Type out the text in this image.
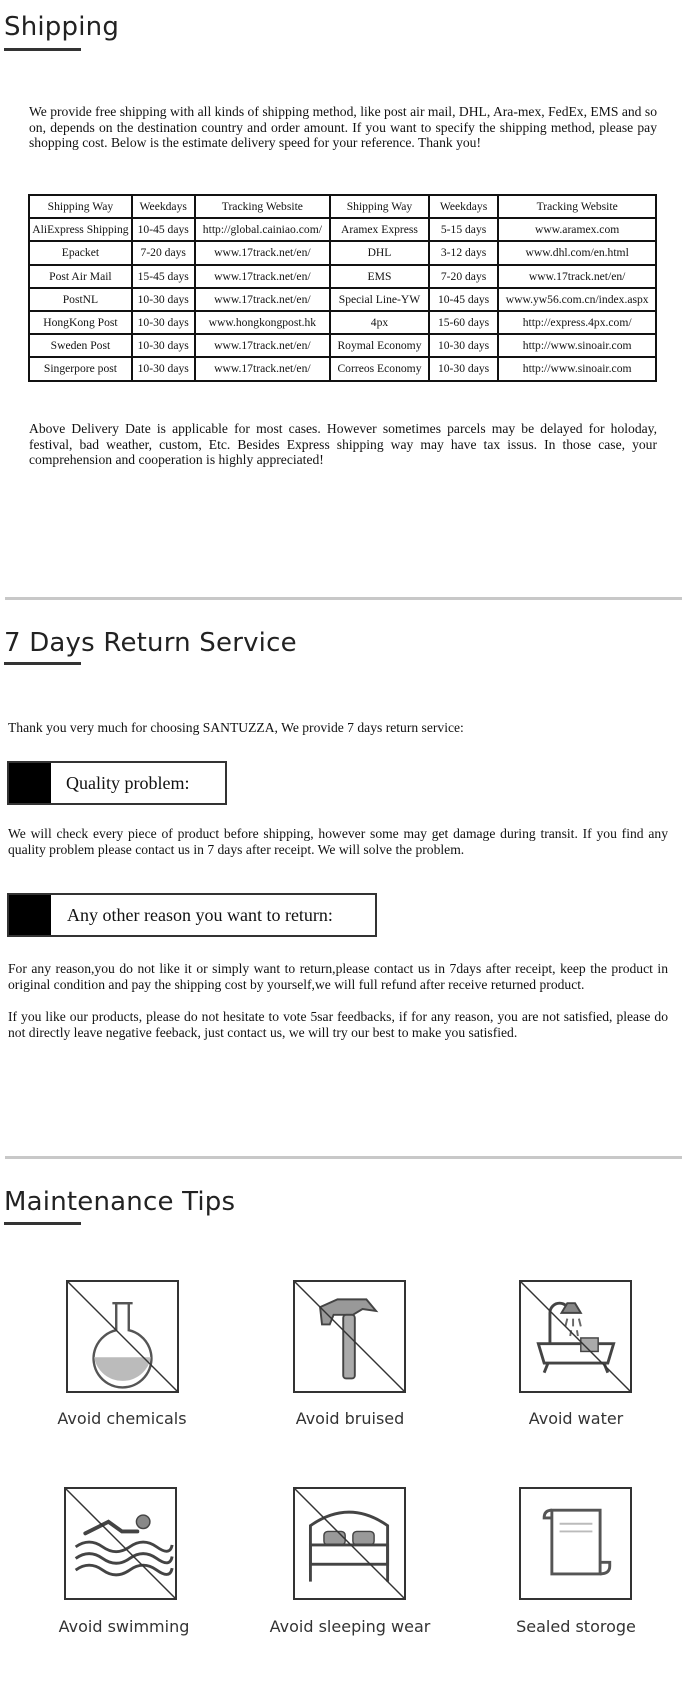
Shipping
We provide free shipping with all kinds of shipping method, like post air mail, DHL, Ara-mex, FedEx, EMS and so on, depends on the destination country and order amount. If you want to specify the shipping method, please pay shopping cost. Below is the estimate delivery speed for your reference. Thank you!
Shipping Way	Weekdays	Tracking Website	Shipping Way	Weekdays	Tracking Website
AliExpress Shipping	10-45 days	http://global.cainiao.com/	Aramex Express	5-15 days	www.aramex.com
Epacket	7-20 days	www.17track.net/en/	DHL	3-12 days	www.dhl.com/en.html
Post Air Mail	15-45 days	www.17track.net/en/	EMS	7-20 days	www.17track.net/en/
PostNL	10-30 days	www.17track.net/en/	Special Line-YW	10-45 days	www.yw56.com.cn/index.aspx
HongKong Post	10-30 days	www.hongkongpost.hk	4px	15-60 days	http://express.4px.com/
Sweden Post	10-30 days	www.17track.net/en/	Roymal Economy	10-30 days	http://www.sinoair.com
Singerpore post	10-30 days	www.17track.net/en/	Correos Economy	10-30 days	http://www.sinoair.com
Above Delivery Date is applicable for most cases. However sometimes parcels may be delayed for holoday, festival, bad weather, custom, Etc. Besides Express shipping way may have tax issus. In those case, your comprehension and cooperation is highly appreciated!
7 Days Return Service
Thank you very much for choosing SANTUZZA, We provide 7 days return service:
Quality problem:
We will check every piece of product before shipping, however some may get damage during transit. If you find any quality problem please contact us in 7 days after receipt. We will solve the problem.
Any other reason you want to return:
For any reason,you do not like it or simply want to return,please contact us in 7days after receipt, keep the product in original condition and pay the shipping cost by yourself,we will full refund after receive returned product.
If you like our products, please do not hesitate to vote 5sar feedbacks, if for any reason, you are not satisfied, please do not directly leave negative feeback, just contact us, we will try our best to make you satisfied.
Maintenance Tips
Avoid chemicals	Avoid bruised	Avoid water
Avoid swimming	Avoid sleeping wear	Sealed storoge
